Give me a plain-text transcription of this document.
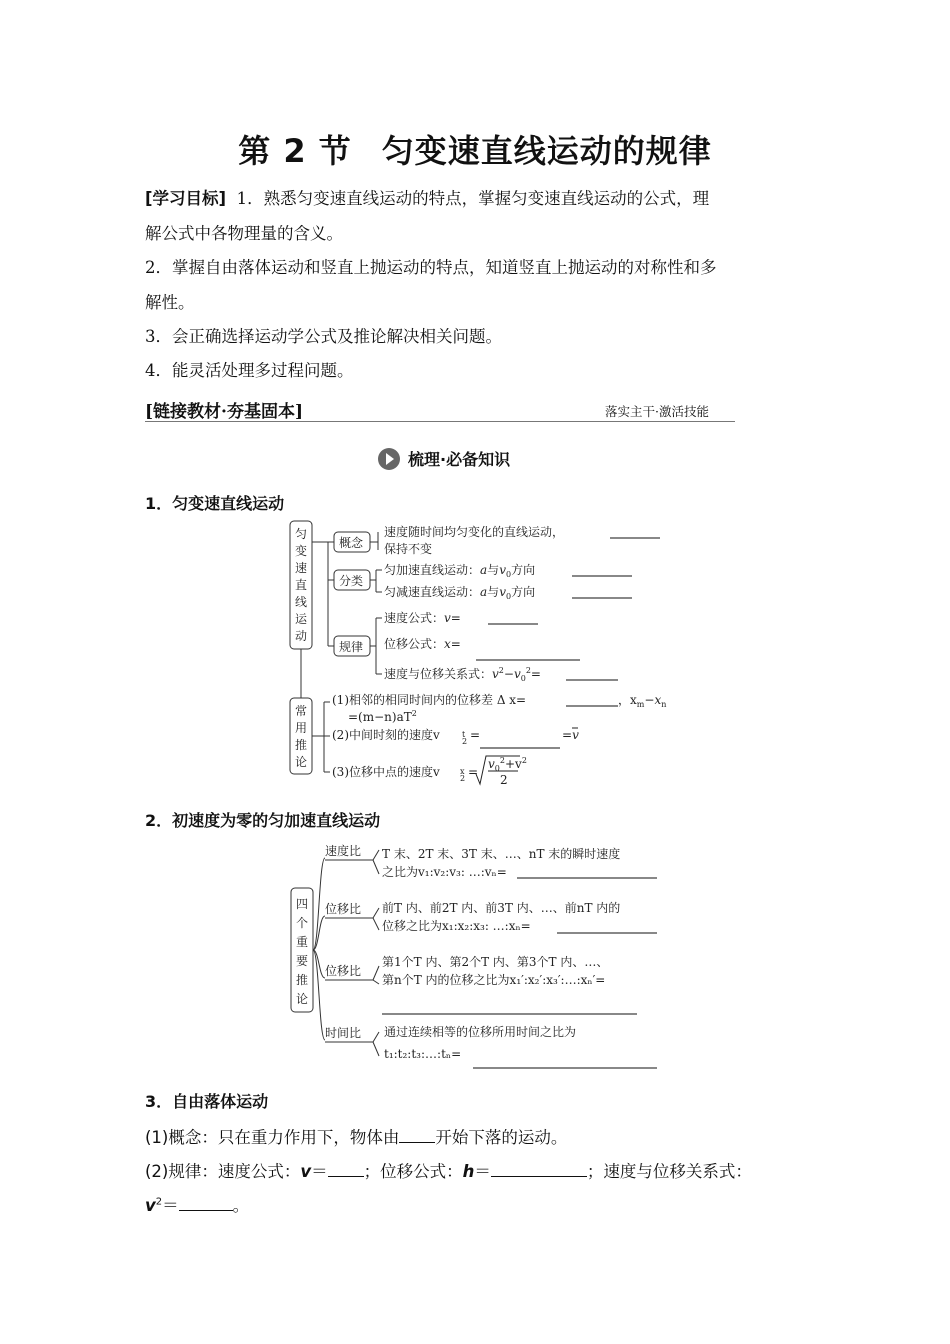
第 2 节 匀变速直线运动的规律
[学习目标] 1．熟悉匀变速直线运动的特点，掌握匀变速直线运动的公式，理
解公式中各物理量的含义。
2．掌握自由落体运动和竖直上抛运动的特点，知道竖直上抛运动的对称性和多
解性。
3．会正确选择运动学公式及推论解决相关问题。
4．能灵活处理多过程问题。
[链接教材·夯基固本]	落实主干·激活技能
梳理·必备知识
1．匀变速直线运动
匀
变
速
直
线
运
动
概念
速度随时间均匀变化的直线运动，
保持不变
分类
匀加速直线运动：a与$v_0$方向
匀减速直线运动：a与$v_0$方向
规律
速度公式：v=
位移公式：x=
速度与位移关系式：$v^2-v_0^2=$
常
用
推
论
(1)相邻的相同时间内的位移差 Δ x=	，$x_m-x_n$
$=(m-n)aT^2$
(2)中间时刻的速度v	t
2 =	=v
(3)位移中点的速度v	x
2 =
$v_0^2+v^2$
2
2．初速度为零的匀加速直线运动
四
个
重
要
推
论
速度比 T 末、2T 末、3T 末、…、nT 末的瞬时速度
之比为v₁:v₂:v₃: …:vₙ=
位移比 前T 内、前2T 内、前3T 内、…、前nT 内的
位移之比为x₁:x₂:x₃: …:xₙ=
位移比
第1个T 内、第2个T 内、第3个T 内、…、
第n个T 内的位移之比为x₁′:x₂′:x₃′:…:xₙ′=
时间比 通过连续相等的位移所用时间之比为
t₁:t₂:t₃:…:tₙ=
3．自由落体运动
(1)概念：只在重力作用下，物体由 开始下落的运动。
(2)规律：速度公式：v＝ ；位移公式：h＝	；速度与位移关系式：
$v^2=$	。
